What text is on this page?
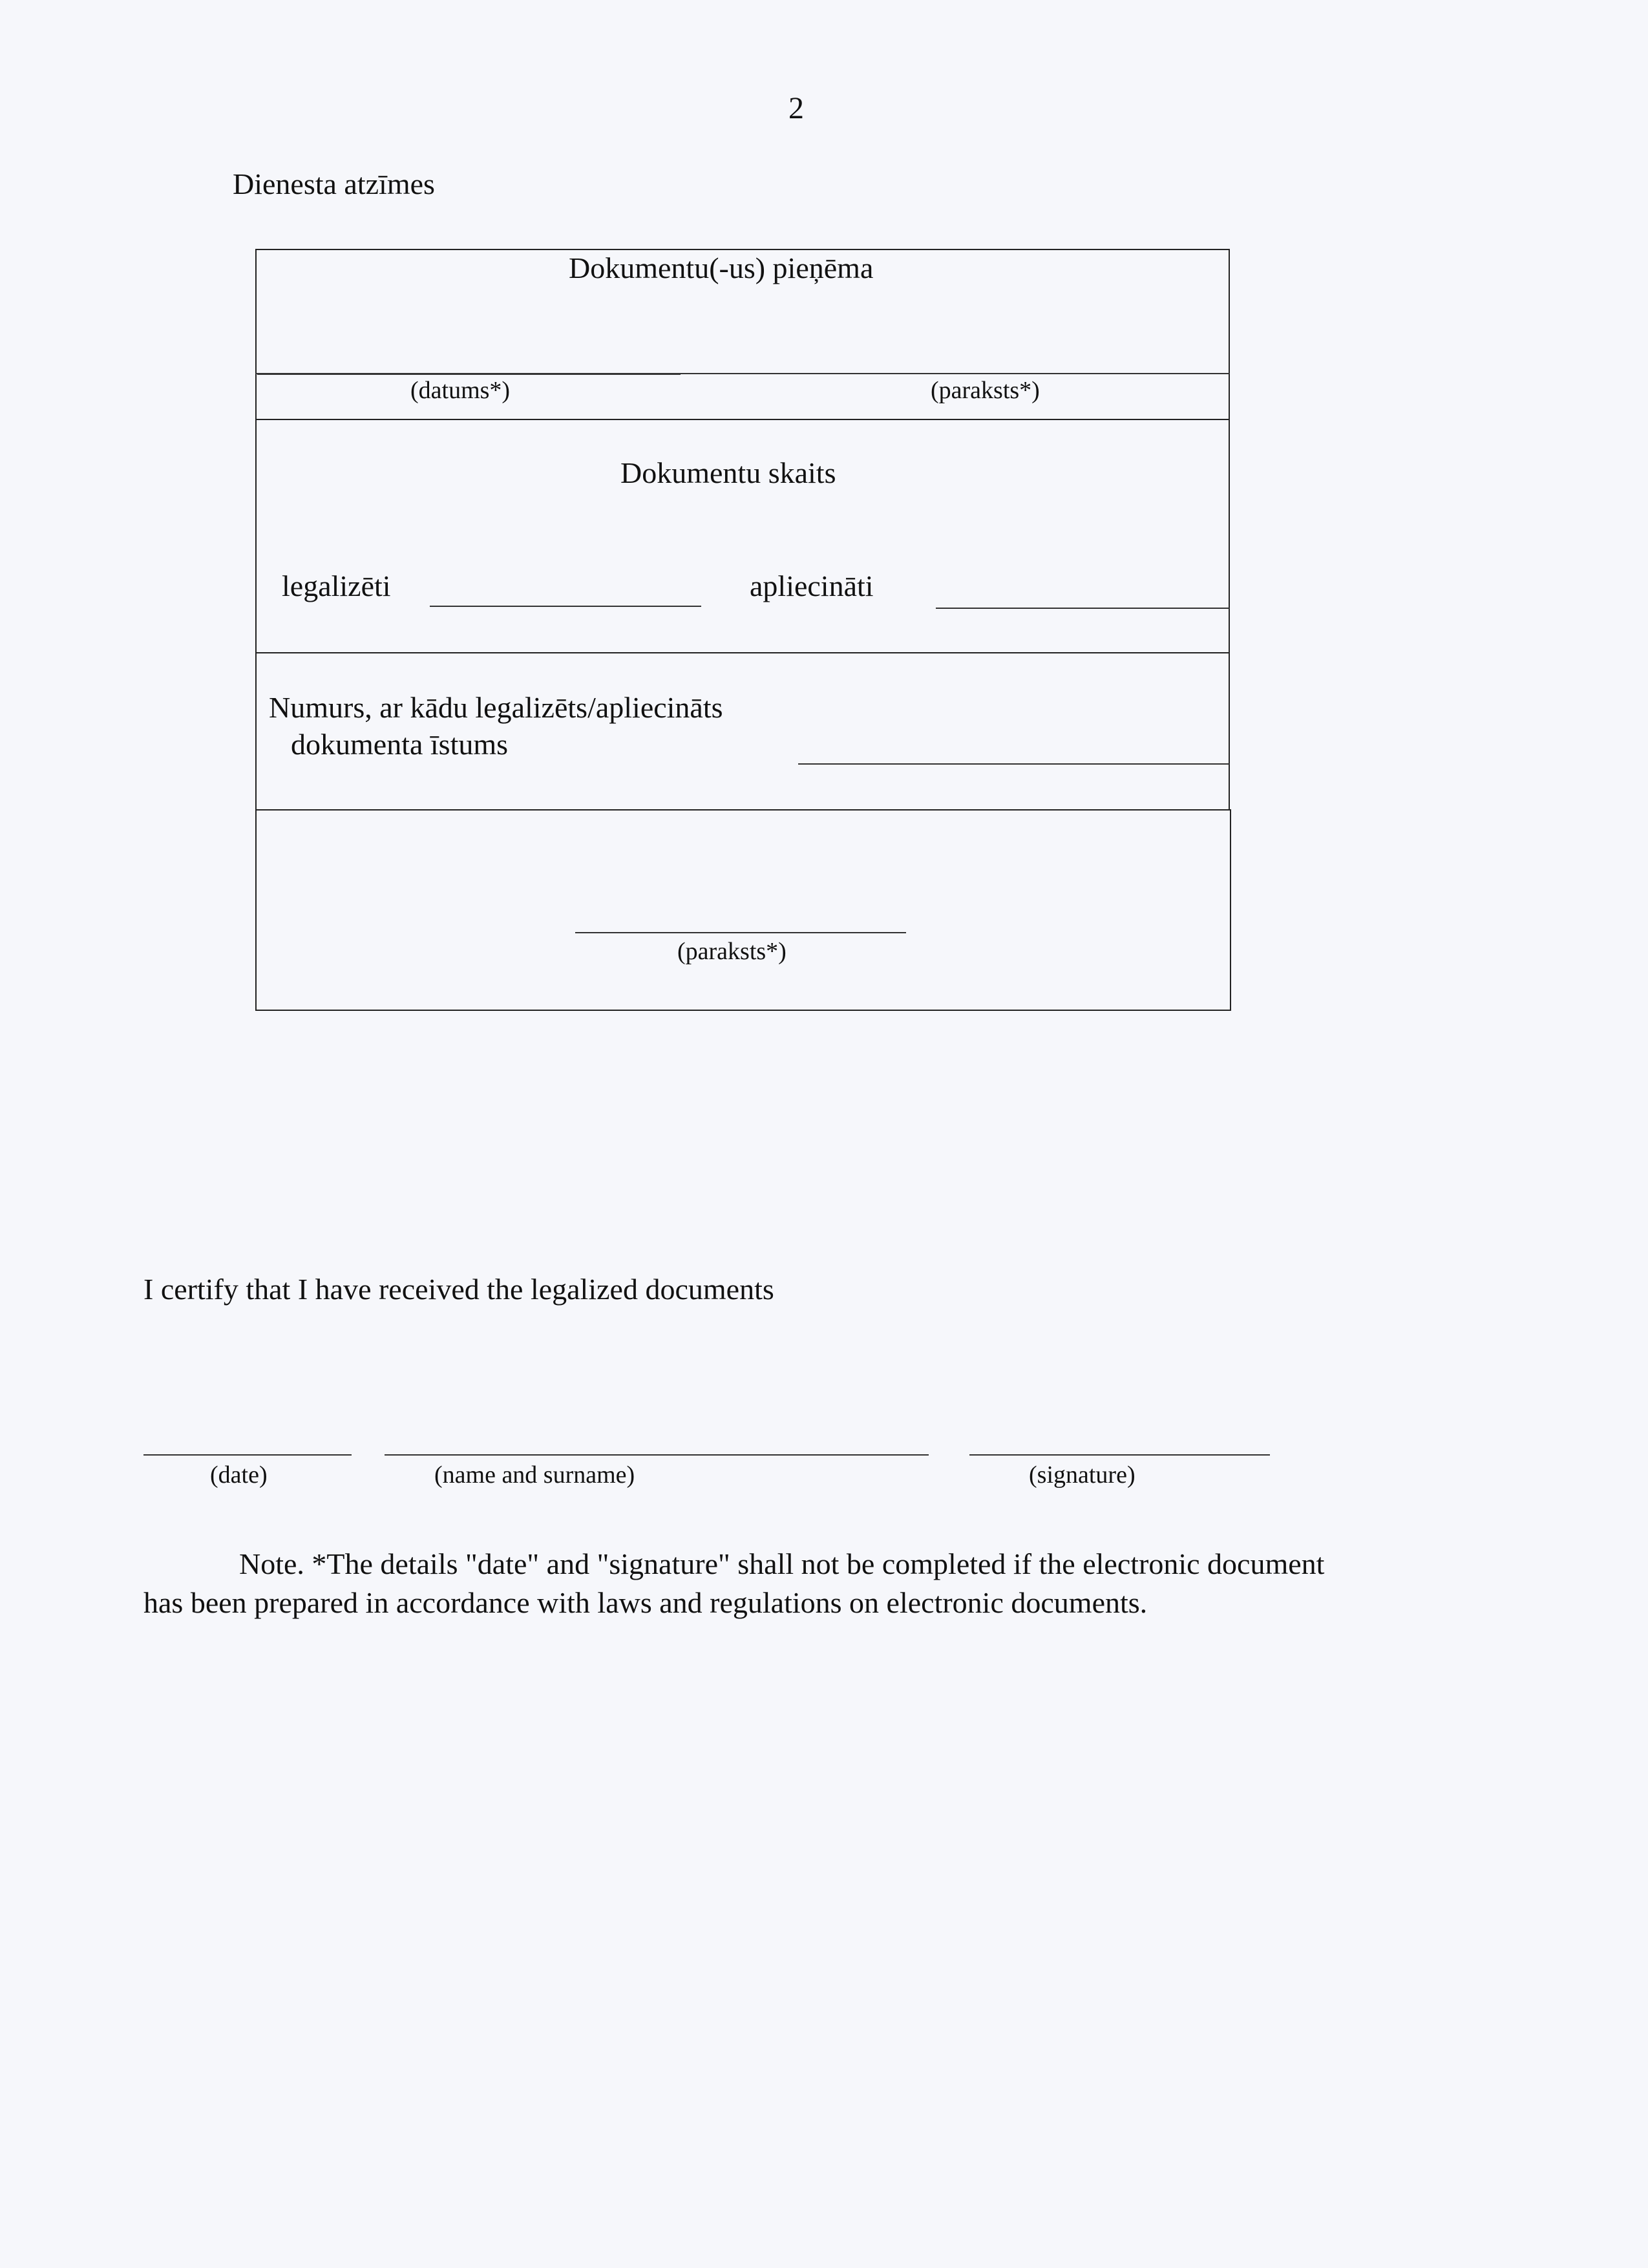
2
Dienesta atzīmes
Dokumentu(-us) pieņēma
(datums*)	(paraksts*)
Dokumentu skaits
legalizēti	apliecināti
Numurs, ar kādu legalizēts/apliecināts
dokumenta īstums
(paraksts*)
I certify that I have received the legalized documents
(date)	(name and surname)	(signature)

Note. *The details "date" and "signature" shall not be completed if the electronic document

has been prepared in accordance with laws and regulations on electronic documents.
